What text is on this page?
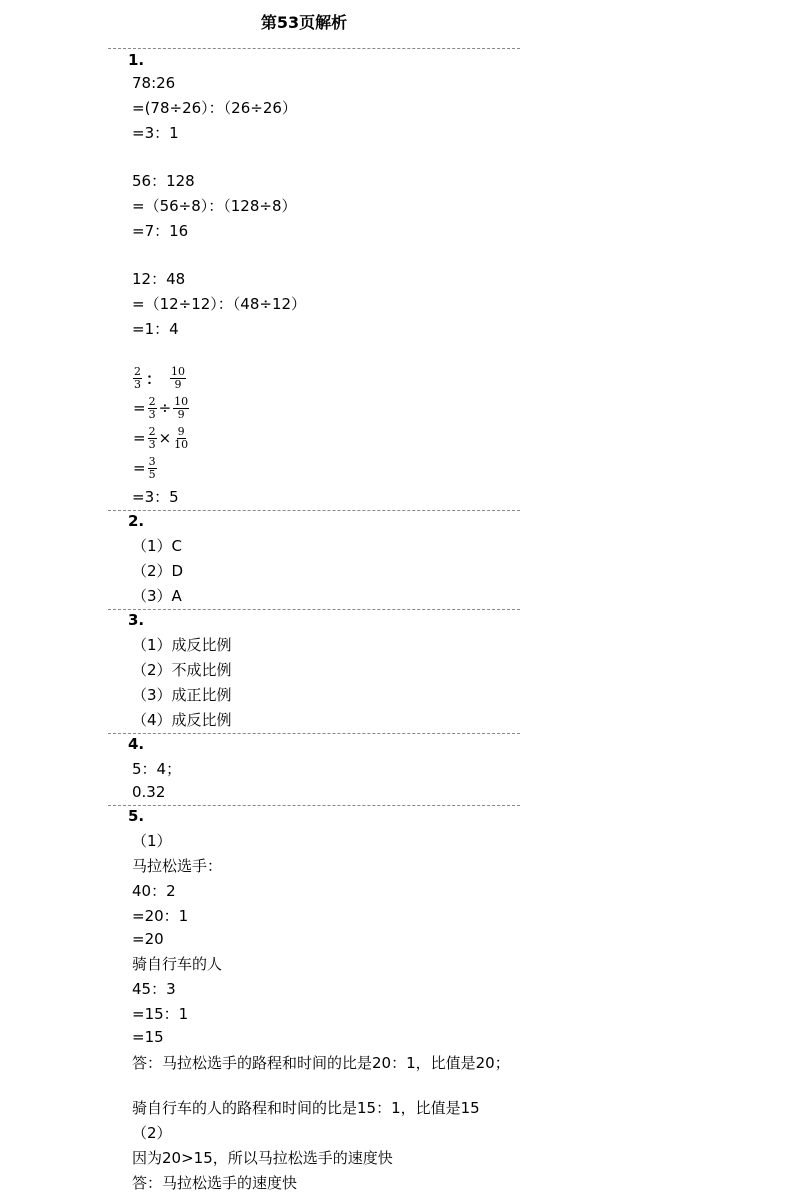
第53页解析
1.
78:26
=(78÷26）：（26÷26）
=3：1
56：128
=（56÷8）：（128÷8）
=7：16
12：48
=（12÷12）：（48÷12）
=1：4
$\frac{2}{3}$ ： $\frac{10}{9}$
= $\frac{2}{3} \div \frac{10}{9}$
= $\frac{2}{3} \times \frac{9}{10}$
= $\frac{3}{5}$
=3：5
2.
（1）C
（2）D
（3）A
3.
（1）成反比例
（2）不成比例
（3）成正比例
（4）成反比例
4.
5：4；
0.32
5.
（1）
马拉松选手：
40：2
=20：1
=20
骑自行车的人
45：3
=15：1
=15
答：马拉松选手的路程和时间的比是20：1，比值是20；
骑自行车的人的路程和时间的比是15：1，比值是15
（2）
因为20>15，所以马拉松选手的速度快
答：马拉松选手的速度快
